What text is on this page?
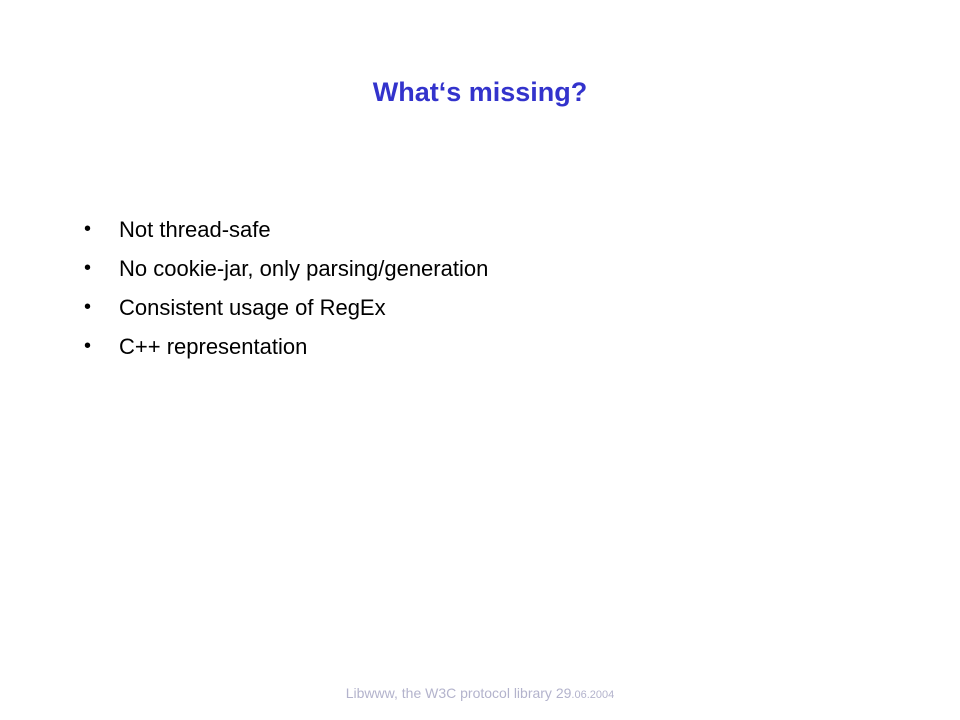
What‘s missing?
• Not thread-safe
• No cookie-jar, only parsing/generation
• Consistent usage of RegEx
• C++ representation
Libwww, the W3C protocol library 29.06.2004
